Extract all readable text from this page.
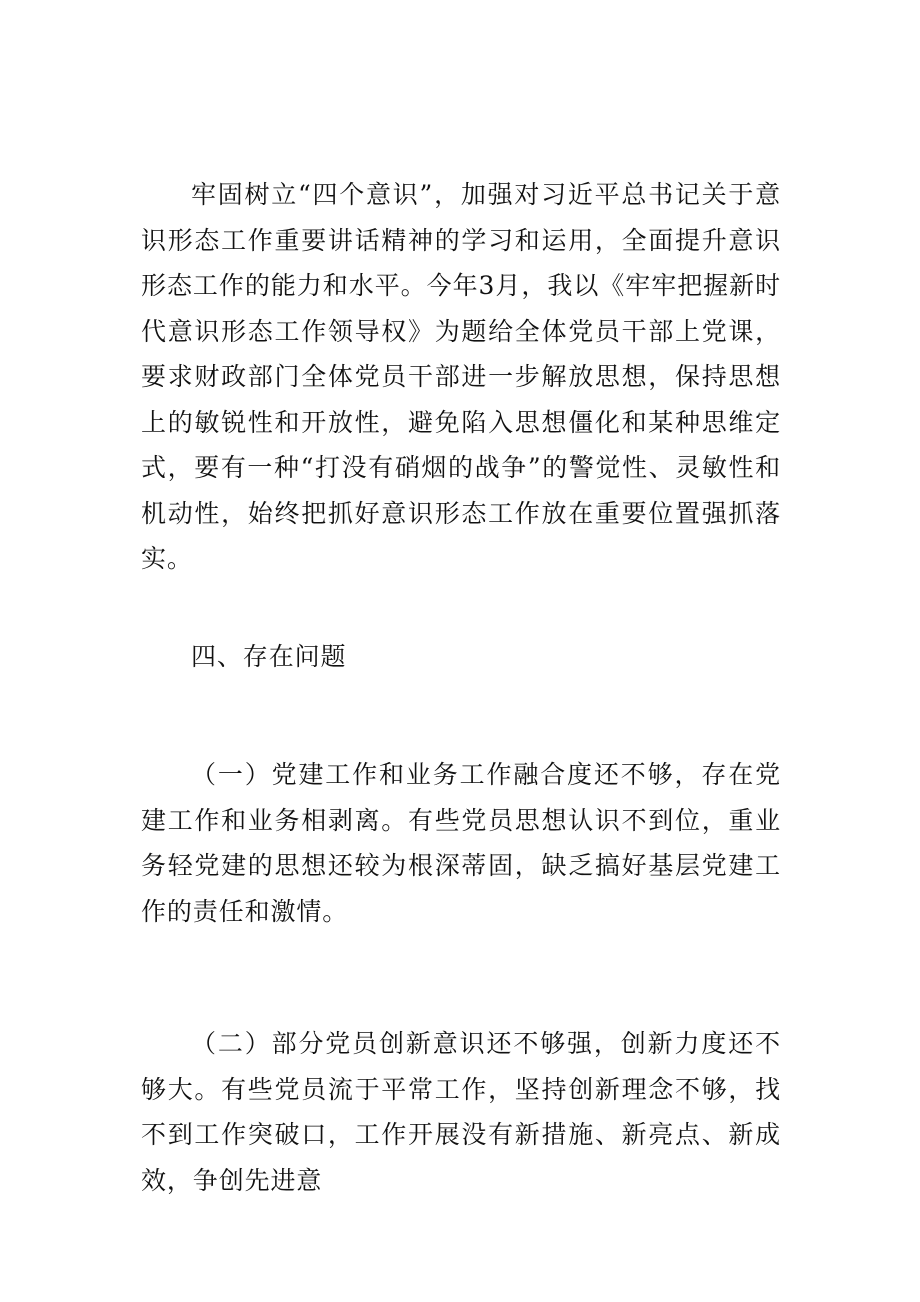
牢固树立“四个意识”，加强对习近平总书记关于意识形态工作重要讲话精神的学习和运用，全面提升意识形态工作的能力和水平。今年3月，我以《牢牢把握新时代意识形态工作领导权》为题给全体党员干部上党课，要求财政部门全体党员干部进一步解放思想，保持思想上的敏锐性和开放性，避免陷入思想僵化和某种思维定式，要有一种“打没有硝烟的战争”的警觉性、灵敏性和机动性，始终把抓好意识形态工作放在重要位置强抓落实。

四、存在问题

（一）党建工作和业务工作融合度还不够，存在党建工作和业务相剥离。有些党员思想认识不到位，重业务轻党建的思想还较为根深蒂固，缺乏搞好基层党建工作的责任和激情。

（二）部分党员创新意识还不够强，创新力度还不够大。有些党员流于平常工作，坚持创新理念不够，找不到工作突破口，工作开展没有新措施、新亮点、新成效，争创先进意
